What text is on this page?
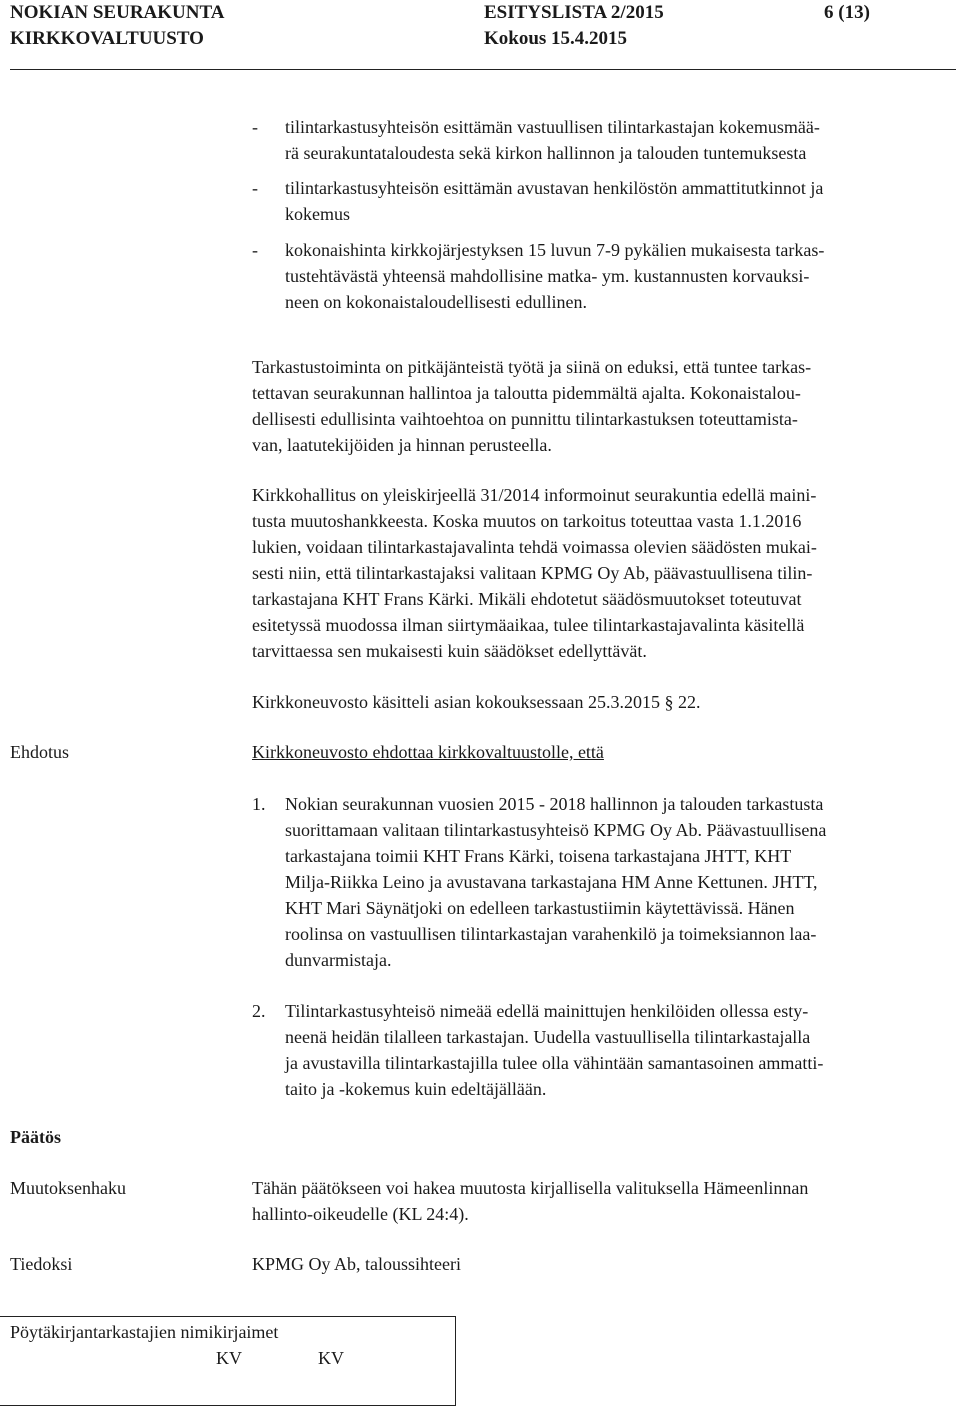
NOKIAN SEURAKUNTA
KIRKKOVALTUUSTO
ESITYSLISTA 2/2015
Kokous 15.4.2015
6 (13)
- tilintarkastusyhteisön esittämän vastuullisen tilintarkastajan kokemusmää-
rä seurakuntataloudesta sekä kirkon hallinnon ja talouden tuntemuksesta
- tilintarkastusyhteisön esittämän avustavan henkilöstön ammattitutkinnot ja
kokemus
- kokonaishinta kirkkojärjestyksen 15 luvun 7-9 pykälien mukaisesta tarkas-
tustehtävästä yhteensä mahdollisine matka- ym. kustannusten korvauksi-
neen on kokonaistaloudellisesti edullinen.
Tarkastustoiminta on pitkäjänteistä työtä ja siinä on eduksi, että tuntee tarkas-
tettavan seurakunnan hallintoa ja taloutta pidemmältä ajalta. Kokonaistalou-
dellisesti edullisinta vaihtoehtoa on punnittu tilintarkastuksen toteuttamista-
van, laatutekijöiden ja hinnan perusteella.
Kirkkohallitus on yleiskirjeellä 31/2014 informoinut seurakuntia edellä maini-
tusta muutoshankkeesta. Koska muutos on tarkoitus toteuttaa vasta 1.1.2016
lukien, voidaan tilintarkastajavalinta tehdä voimassa olevien säädösten mukai-
sesti niin, että tilintarkastajaksi valitaan KPMG Oy Ab, päävastuullisena tilin-
tarkastajana KHT Frans Kärki. Mikäli ehdotetut säädösmuutokset toteutuvat
esitetyssä muodossa ilman siirtymäaikaa, tulee tilintarkastajavalinta käsitellä
tarvittaessa sen mukaisesti kuin säädökset edellyttävät.
Kirkkoneuvosto käsitteli asian kokouksessaan 25.3.2015 § 22.
Ehdotus	Kirkkoneuvosto ehdottaa kirkkovaltuustolle, että
1. Nokian seurakunnan vuosien 2015 - 2018 hallinnon ja talouden tarkastusta
suorittamaan valitaan tilintarkastusyhteisö KPMG Oy Ab. Päävastuullisena
tarkastajana toimii KHT Frans Kärki, toisena tarkastajana JHTT, KHT
Milja-Riikka Leino ja avustavana tarkastajana HM Anne Kettunen. JHTT,
KHT Mari Säynätjoki on edelleen tarkastustiimin käytettävissä. Hänen
roolinsa on vastuullisen tilintarkastajan varahenkilö ja toimeksiannon laa-
dunvarmistaja.
2. Tilintarkastusyhteisö nimeää edellä mainittujen henkilöiden ollessa esty-
neenä heidän tilalleen tarkastajan. Uudella vastuullisella tilintarkastajalla
ja avustavilla tilintarkastajilla tulee olla vähintään samantasoinen ammatti-
taito ja -kokemus kuin edeltäjällään.
Päätös
Muutoksenhaku	Tähän päätökseen voi hakea muutosta kirjallisella valituksella Hämeenlinnan
hallinto-oikeudelle (KL 24:4).
Tiedoksi	KPMG Oy Ab, taloussihteeri
Pöytäkirjantarkastajien nimikirjaimet
KV	KV
